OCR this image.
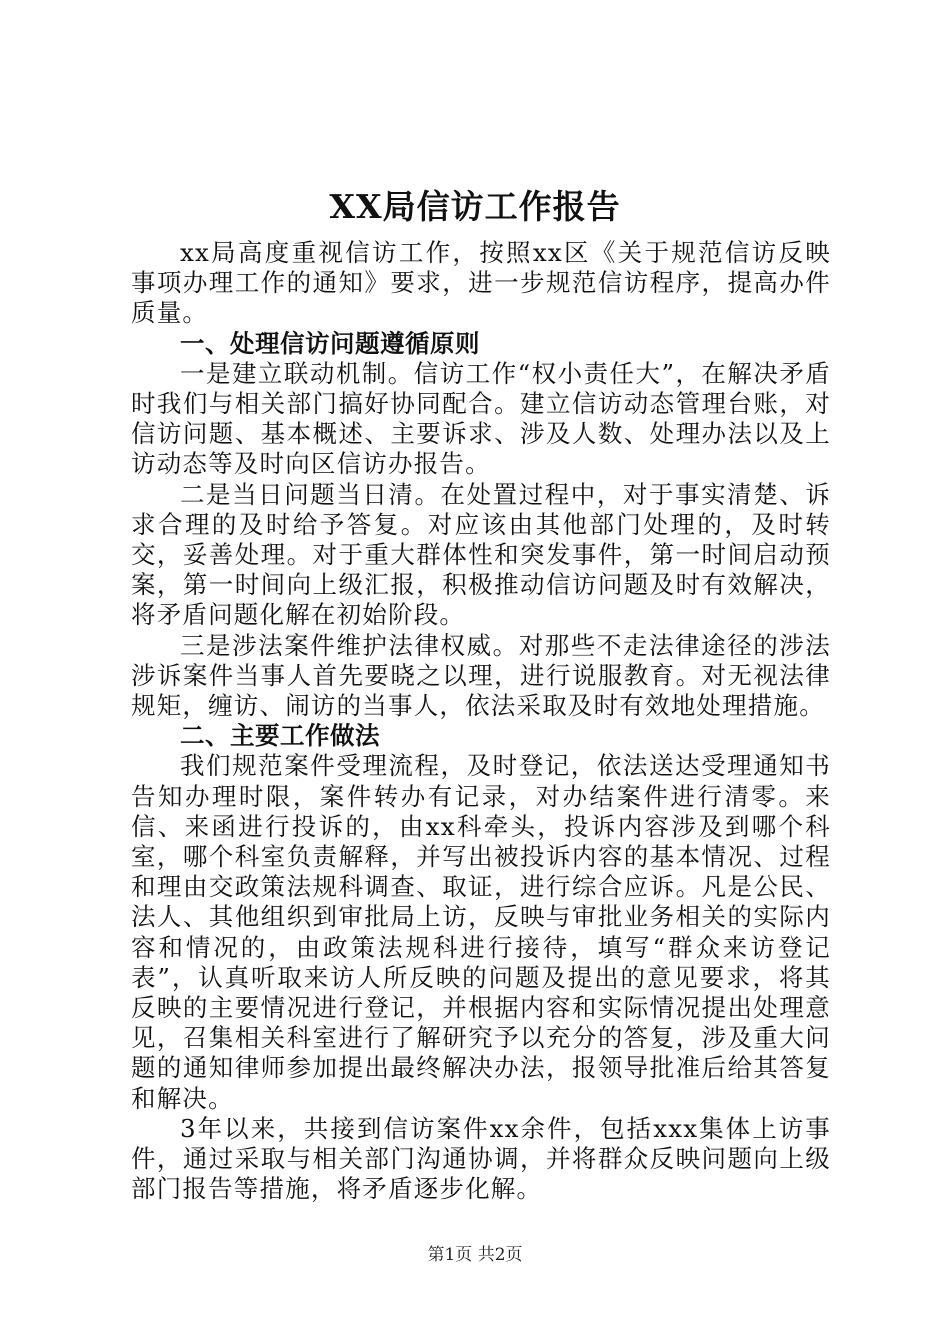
XX局信访工作报告

xx局高度重视信访工作，按照xx区《关于规范信访反映事项办理工作的通知》要求，进一步规范信访程序，提高办件质量。

一、处理信访问题遵循原则

一是建立联动机制。信访工作“权小责任大”，在解决矛盾时我们与相关部门搞好协同配合。建立信访动态管理台账，对信访问题、基本概述、主要诉求、涉及人数、处理办法以及上访动态等及时向区信访办报告。

二是当日问题当日清。在处置过程中，对于事实清楚、诉求合理的及时给予答复。对应该由其他部门处理的，及时转交，妥善处理。对于重大群体性和突发事件，第一时间启动预案，第一时间向上级汇报，积极推动信访问题及时有效解决，将矛盾问题化解在初始阶段。

三是涉法案件维护法律权威。对那些不走法律途径的涉法涉诉案件当事人首先要晓之以理，进行说服教育。对无视法律规矩，缠访、闹访的当事人，依法采取及时有效地处理措施。

二、主要工作做法

我们规范案件受理流程，及时登记，依法送达受理通知书告知办理时限，案件转办有记录，对办结案件进行清零。来信、来函进行投诉的，由xx科牵头，投诉内容涉及到哪个科室，哪个科室负责解释，并写出被投诉内容的基本情况、过程和理由交政策法规科调查、取证，进行综合应诉。凡是公民、法人、其他组织到审批局上访，反映与审批业务相关的实际内容和情况的，由政策法规科进行接待，填写“群众来访登记表”，认真听取来访人所反映的问题及提出的意见要求，将其反映的主要情况进行登记，并根据内容和实际情况提出处理意见，召集相关科室进行了解研究予以充分的答复，涉及重大问题的通知律师参加提出最终解决办法，报领导批准后给其答复和解决。

3年以来，共接到信访案件xx余件，包括xxx集体上访事件，通过采取与相关部门沟通协调，并将群众反映问题向上级部门报告等措施，将矛盾逐步化解。

第1页 共2页
